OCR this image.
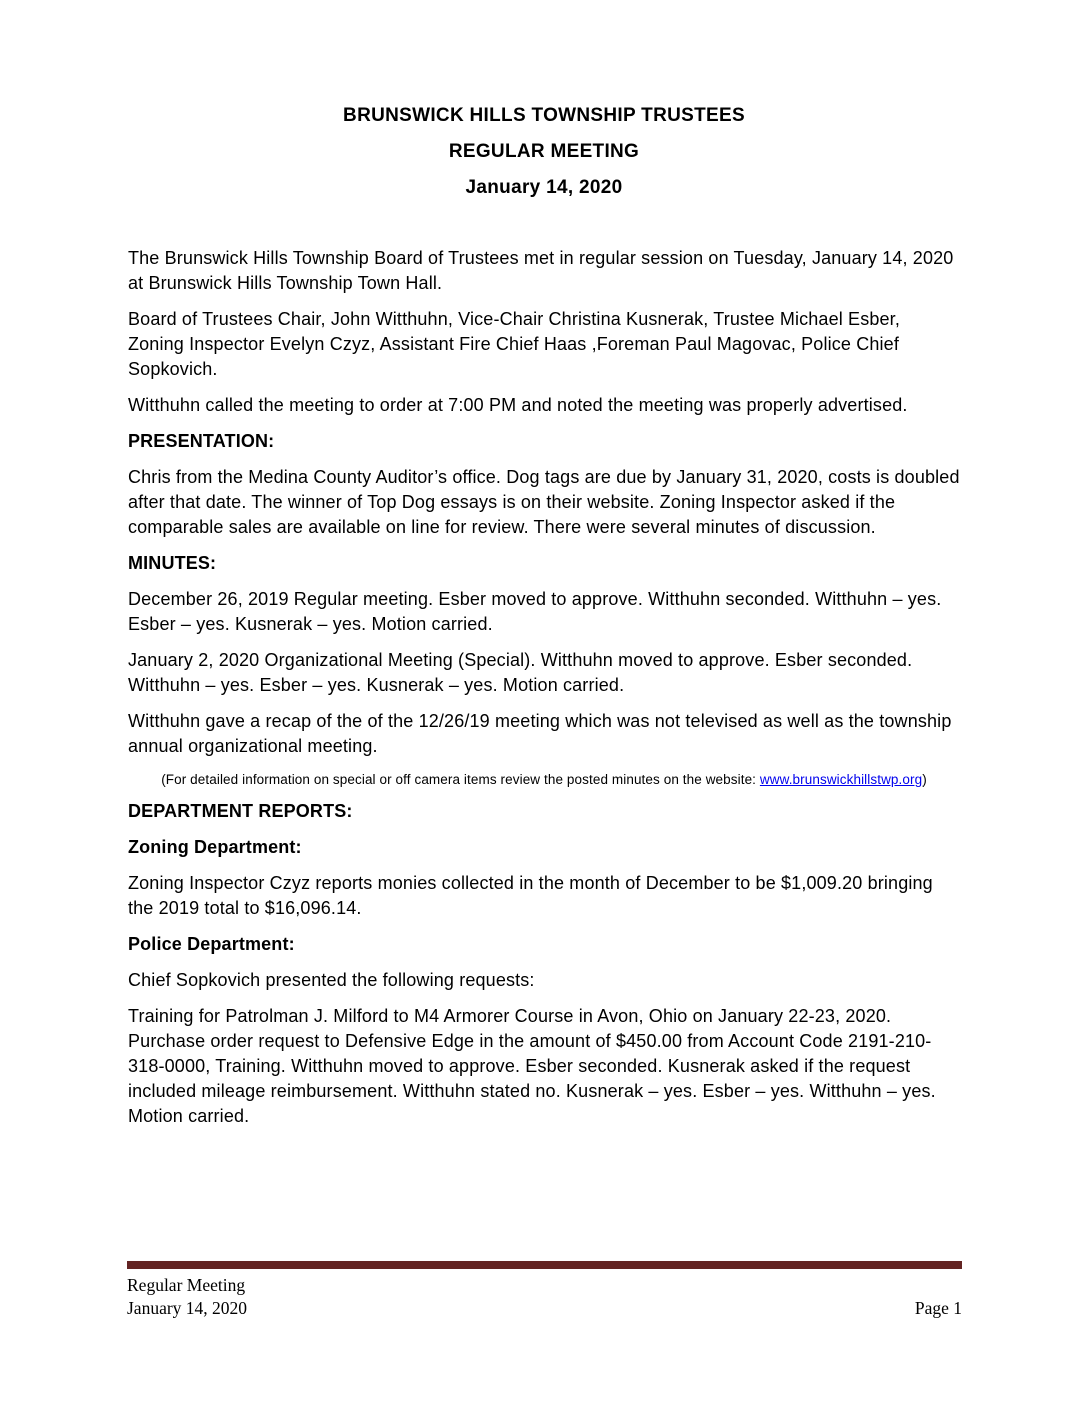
BRUNSWICK HILLS TOWNSHIP TRUSTEES
REGULAR MEETING
January 14, 2020

The Brunswick Hills Township Board of Trustees met in regular session on Tuesday, January 14, 2020 at Brunswick Hills Township Town Hall.

Board of Trustees Chair, John Witthuhn, Vice-Chair Christina Kusnerak, Trustee Michael Esber, Zoning Inspector Evelyn Czyz, Assistant Fire Chief Haas ,Foreman Paul Magovac, Police Chief Sopkovich.

Witthuhn called the meeting to order at 7:00 PM and noted the meeting was properly advertised.

PRESENTATION:

Chris from the Medina County Auditor’s office. Dog tags are due by January 31, 2020, costs is doubled after that date. The winner of Top Dog essays is on their website. Zoning Inspector asked if the comparable sales are available on line for review. There were several minutes of discussion.

MINUTES:

December 26, 2019 Regular meeting. Esber moved to approve. Witthuhn seconded. Witthuhn – yes. Esber – yes. Kusnerak – yes. Motion carried.

January 2, 2020 Organizational Meeting (Special). Witthuhn moved to approve. Esber seconded. Witthuhn – yes. Esber – yes. Kusnerak – yes. Motion carried.

Witthuhn gave a recap of the of the 12/26/19 meeting which was not televised as well as the township annual organizational meeting.

(For detailed information on special or off camera items review the posted minutes on the website: www.brunswickhillstwp.org)

DEPARTMENT REPORTS:

Zoning Department:

Zoning Inspector Czyz reports monies collected in the month of December to be $1,009.20 bringing the 2019 total to $16,096.14.

Police Department:

Chief Sopkovich presented the following requests:

Training for Patrolman J. Milford to M4 Armorer Course in Avon, Ohio on January 22-23, 2020. Purchase order request to Defensive Edge in the amount of $450.00 from Account Code 2191-210-318-0000, Training. Witthuhn moved to approve. Esber seconded. Kusnerak asked if the request included mileage reimbursement. Witthuhn stated no. Kusnerak – yes. Esber – yes. Witthuhn – yes. Motion carried.

Regular Meeting
January 14, 2020	Page 1
